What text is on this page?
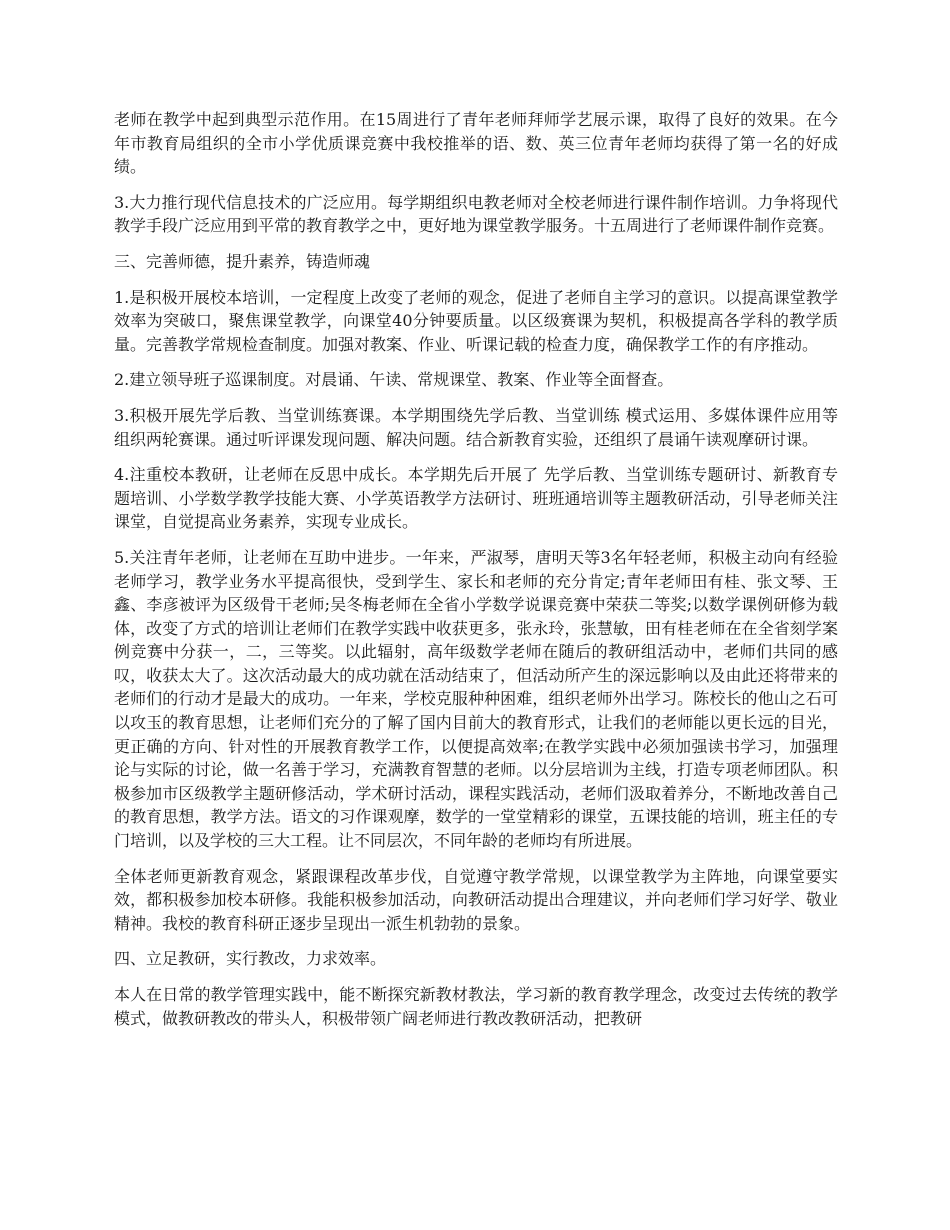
老师在教学中起到典型示范作用。在15周进行了青年老师拜师学艺展示课，取得了良好的效果。在今年市教育局组织的全市小学优质课竞赛中我校推举的语、数、英三位青年老师均获得了第一名的好成绩。

3.大力推行现代信息技术的广泛应用。每学期组织电教老师对全校老师进行课件制作培训。力争将现代教学手段广泛应用到平常的教育教学之中，更好地为课堂教学服务。十五周进行了老师课件制作竞赛。

三、完善师德，提升素养，铸造师魂

1.是积极开展校本培训，一定程度上改变了老师的观念，促进了老师自主学习的意识。以提高课堂教学效率为突破口，聚焦课堂教学，向课堂40分钟要质量。以区级赛课为契机，积极提高各学科的教学质量。完善教学常规检查制度。加强对教案、作业、听课记载的检查力度，确保教学工作的有序推动。

2.建立领导班子巡课制度。对晨诵、午读、常规课堂、教案、作业等全面督查。

3.积极开展先学后教、当堂训练赛课。本学期围绕先学后教、当堂训练 模式运用、多媒体课件应用等组织两轮赛课。通过听评课发现问题、解决问题。结合新教育实验，还组织了晨诵午读观摩研讨课。

4.注重校本教研，让老师在反思中成长。本学期先后开展了 先学后教、当堂训练专题研讨、新教育专题培训、小学数学教学技能大赛、小学英语教学方法研讨、班班通培训等主题教研活动，引导老师关注课堂，自觉提高业务素养，实现专业成长。

5.关注青年老师，让老师在互助中进步。一年来，严淑琴，唐明天等3名年轻老师，积极主动向有经验老师学习，教学业务水平提高很快，受到学生、家长和老师的充分肯定;青年老师田有桂、张文琴、王鑫、李彦被评为区级骨干老师;吴冬梅老师在全省小学数学说课竞赛中荣获二等奖;以数学课例研修为载体，改变了方式的培训让老师们在教学实践中收获更多，张永玲，张慧敏，田有桂老师在在全省刻学案例竞赛中分获一，二，三等奖。以此辐射，高年级数学老师在随后的教研组活动中，老师们共同的感叹，收获太大了。这次活动最大的成功就在活动结束了，但活动所产生的深远影响以及由此还将带来的老师们的行动才是最大的成功。一年来，学校克服种种困难，组织老师外出学习。陈校长的他山之石可以攻玉的教育思想，让老师们充分的了解了国内目前大的教育形式，让我们的老师能以更长远的目光，更正确的方向、针对性的开展教育教学工作，以便提高效率;在教学实践中必须加强读书学习，加强理论与实际的讨论，做一名善于学习，充满教育智慧的老师。以分层培训为主线，打造专项老师团队。积极参加市区级教学主题研修活动，学术研讨活动，课程实践活动，老师们汲取着养分，不断地改善自己的教育思想，教学方法。语文的习作课观摩，数学的一堂堂精彩的课堂，五课技能的培训，班主任的专门培训，以及学校的三大工程。让不同层次，不同年龄的老师均有所进展。

全体老师更新教育观念，紧跟课程改革步伐，自觉遵守教学常规，以课堂教学为主阵地，向课堂要实效，都积极参加校本研修。我能积极参加活动，向教研活动提出合理建议，并向老师们学习好学、敬业精神。我校的教育科研正逐步呈现出一派生机勃勃的景象。

四、立足教研，实行教改，力求效率。

本人在日常的教学管理实践中，能不断探究新教材教法，学习新的教育教学理念，改变过去传统的教学模式，做教研教改的带头人，积极带领广阔老师进行教改教研活动，把教研
